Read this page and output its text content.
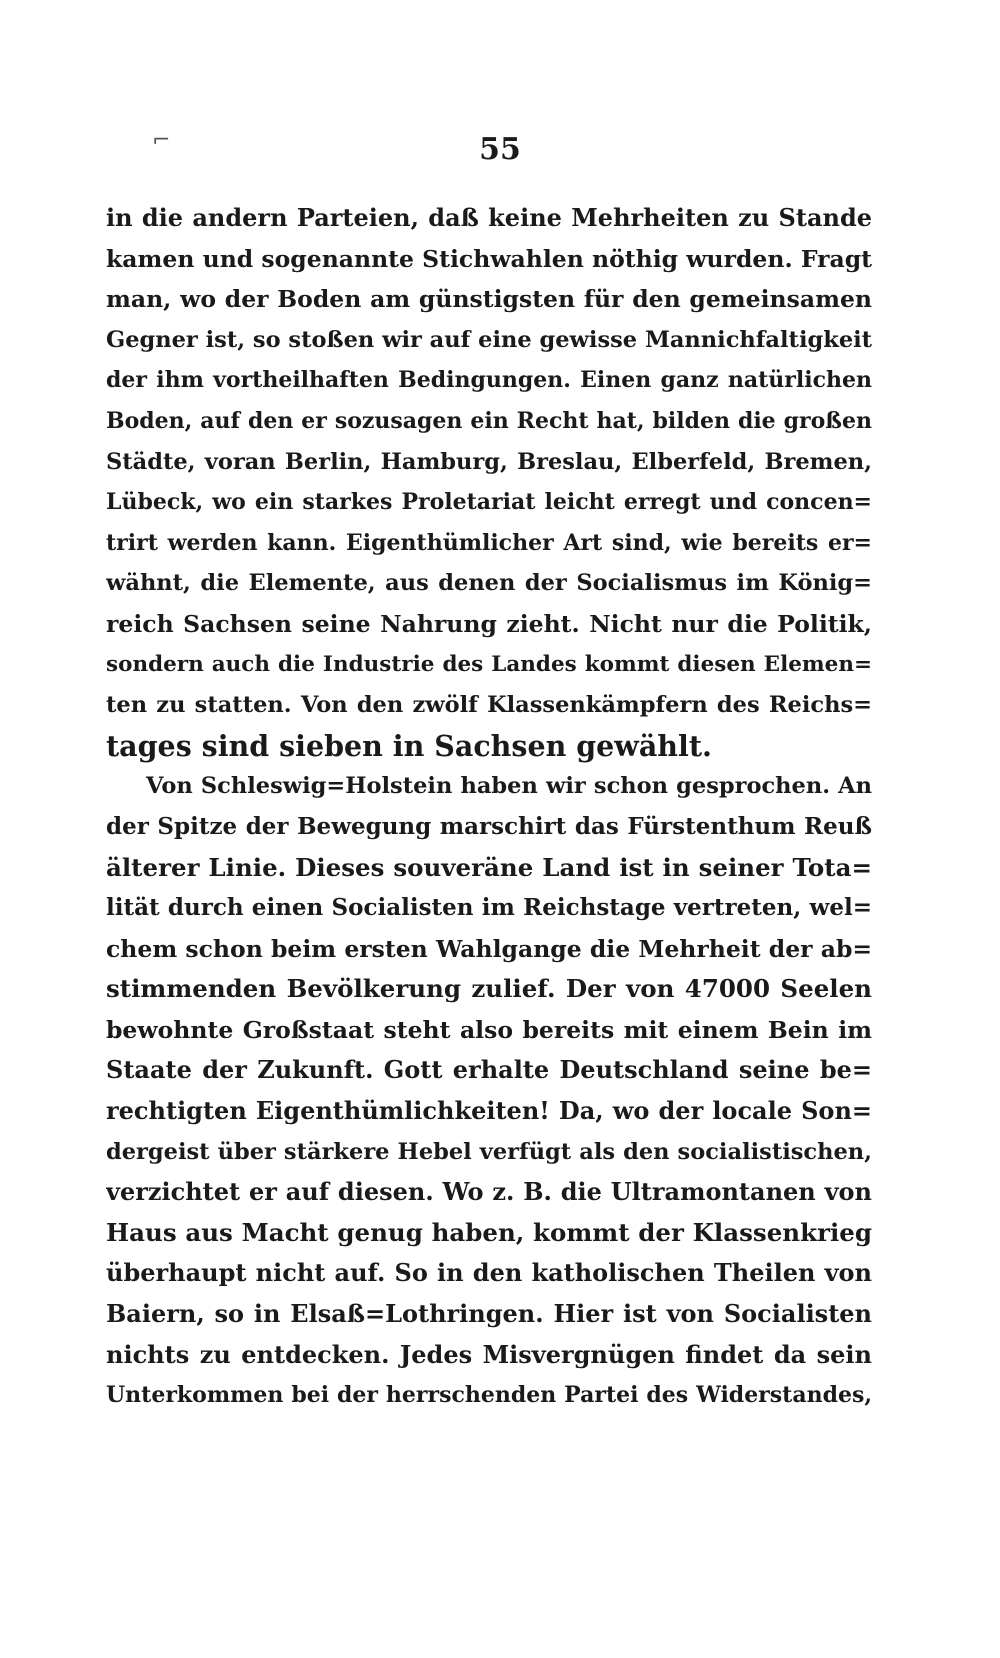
⌐	55
in die andern Parteien, daß keine Mehrheiten zu Stande
kamen und sogenannte Stichwahlen nöthig wurden. Fragt
man, wo der Boden am günstigsten für den gemeinsamen
Gegner ist, so stoßen wir auf eine gewisse Mannichfaltigkeit
der ihm vortheilhaften Bedingungen. Einen ganz natürlichen
Boden, auf den er sozusagen ein Recht hat, bilden die großen
Städte, voran Berlin, Hamburg, Breslau, Elberfeld, Bremen,
Lübeck, wo ein starkes Proletariat leicht erregt und concen=
trirt werden kann. Eigenthümlicher Art sind, wie bereits er=
wähnt, die Elemente, aus denen der Socialismus im König=
reich Sachsen seine Nahrung zieht. Nicht nur die Politik,
sondern auch die Industrie des Landes kommt diesen Elemen=
ten zu statten. Von den zwölf Klassenkämpfern des Reichs=
tages sind sieben in Sachsen gewählt.
Von Schleswig=Holstein haben wir schon gesprochen. An
der Spitze der Bewegung marschirt das Fürstenthum Reuß
älterer Linie. Dieses souveräne Land ist in seiner Tota=
lität durch einen Socialisten im Reichstage vertreten, wel=
chem schon beim ersten Wahlgange die Mehrheit der ab=
stimmenden Bevölkerung zulief. Der von 47000 Seelen
bewohnte Großstaat steht also bereits mit einem Bein im
Staate der Zukunft. Gott erhalte Deutschland seine be=
rechtigten Eigenthümlichkeiten! Da, wo der locale Son=
dergeist über stärkere Hebel verfügt als den socialistischen,
verzichtet er auf diesen. Wo z. B. die Ultramontanen von
Haus aus Macht genug haben, kommt der Klassenkrieg
überhaupt nicht auf. So in den katholischen Theilen von
Baiern, so in Elsaß=Lothringen. Hier ist von Socialisten
nichts zu entdecken. Jedes Misvergnügen findet da sein
Unterkommen bei der herrschenden Partei des Widerstandes,
